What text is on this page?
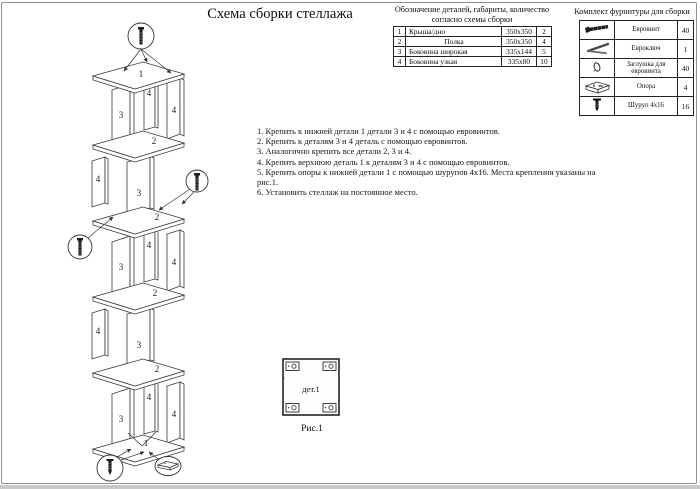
Схема сборки стеллажа	Обозначение деталей, габариты, количество
согласно схемы сборки
1	Крыша/дно	350x350	2
2	Полка	350x350	4
3	Боковина широкая	335x144	5
4	Боковина узкая	335x80	10
Комплект фурнитуры для сборки
	Евровинт	40
	Евроключ	1
	Заглушка для евровинта	40
	Опора	4
	Шуруп 4x16	16
1. Крепить к нижней детали 1 детали 3 и 4 с помощью евровинтов.
2. Крепить к деталям 3 и 4 деталь с помощью евровинтов.
3. Аналогично крепить все детали 2, 3 и 4.
4. Крепить верхнюю деталь 1 к деталям 3 и 4 с помощью евровинтов.
5. Крепить опоры к нижней детали 1 с помощью шурупов 4x16. Места крепления указаны на рис.1.
6. Установить стеллаж на постоянное место.
1
4
3	4
2
4
3
2
4
3	4
2
4
3
2
4
3	4
1
дет.1
Рис.1
